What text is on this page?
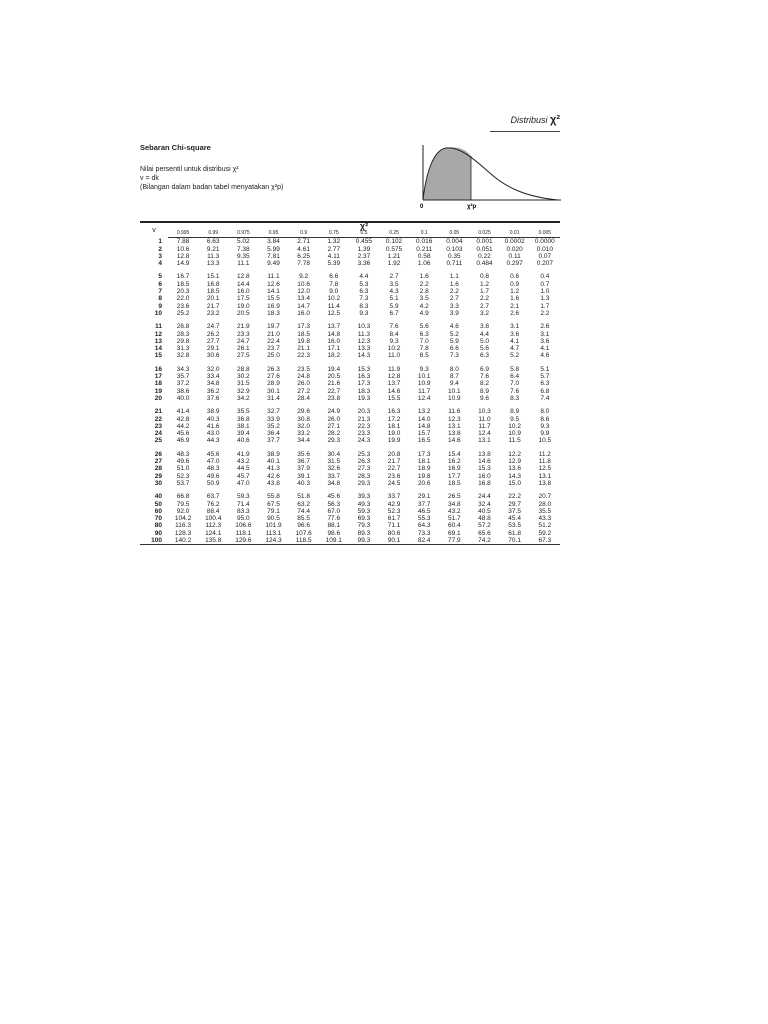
Distribusi χ²
Sebaran Chi-square
Nilai persentil untuk distribusi χ²
v = dk
(Bilangan dalam badan tabel menyatakan χ²p)
0	χ²p
v	χ²												
	0.995	0.99	0.975	0.95	0.9	0.75	0.5	0.25	0.1	0.05	0.025	0.01	0.005
1	7.88	6.63	5.02	3.84	2.71	1.32	0.455	0.102	0.016	0.004	0.001	0.0002	0.0000
2	10.6	9.21	7.38	5.99	4.61	2.77	1.39	0.575	0.211	0.103	0.051	0.020	0.010
3	12.8	11.3	9.35	7.81	6.25	4.11	2.37	1.21	0.58	0.35	0.22	0.11	0.07
4	14.9	13.3	11.1	9.49	7.78	5.39	3.36	1.92	1.06	0.711	0.484	0.297	0.207

5	16.7	15.1	12.8	11.1	9.2	6.6	4.4	2.7	1.6	1.1	0.8	0.6	0.4
6	18.5	16.8	14.4	12.6	10.6	7.8	5.3	3.5	2.2	1.6	1.2	0.9	0.7
7	20.3	18.5	16.0	14.1	12.0	9.0	6.3	4.3	2.8	2.2	1.7	1.2	1.0
8	22.0	20.1	17.5	15.5	13.4	10.2	7.3	5.1	3.5	2.7	2.2	1.6	1.3
9	23.6	21.7	19.0	16.9	14.7	11.4	8.3	5.9	4.2	3.3	2.7	2.1	1.7
10	25.2	23.2	20.5	18.3	16.0	12.5	9.3	6.7	4.9	3.9	3.2	2.6	2.2

11	26.8	24.7	21.9	19.7	17.3	13.7	10.3	7.6	5.6	4.6	3.8	3.1	2.6
12	28.3	26.2	23.3	21.0	18.5	14.8	11.3	8.4	6.3	5.2	4.4	3.6	3.1
13	29.8	27.7	24.7	22.4	19.8	16.0	12.3	9.3	7.0	5.9	5.0	4.1	3.6
14	31.3	29.1	26.1	23.7	21.1	17.1	13.3	10.2	7.8	6.6	5.6	4.7	4.1
15	32.8	30.6	27.5	25.0	22.3	18.2	14.3	11.0	8.5	7.3	6.3	5.2	4.6

16	34.3	32.0	28.8	26.3	23.5	19.4	15.3	11.9	9.3	8.0	6.9	5.8	5.1
17	35.7	33.4	30.2	27.6	24.8	20.5	16.3	12.8	10.1	8.7	7.6	6.4	5.7
18	37.2	34.8	31.5	28.9	26.0	21.6	17.3	13.7	10.9	9.4	8.2	7.0	6.3
19	38.6	36.2	32.9	30.1	27.2	22.7	18.3	14.6	11.7	10.1	8.9	7.6	6.8
20	40.0	37.6	34.2	31.4	28.4	23.8	19.3	15.5	12.4	10.9	9.6	8.3	7.4

21	41.4	38.9	35.5	32.7	29.6	24.9	20.3	16.3	13.2	11.6	10.3	8.9	8.0
22	42.8	40.3	36.8	33.9	30.8	26.0	21.3	17.2	14.0	12.3	11.0	9.5	8.6
23	44.2	41.6	38.1	35.2	32.0	27.1	22.3	18.1	14.8	13.1	11.7	10.2	9.3
24	45.6	43.0	39.4	36.4	33.2	28.2	23.3	19.0	15.7	13.8	12.4	10.9	9.9
25	46.9	44.3	40.6	37.7	34.4	29.3	24.3	19.9	16.5	14.6	13.1	11.5	10.5

26	48.3	45.6	41.9	38.9	35.6	30.4	25.3	20.8	17.3	15.4	13.8	12.2	11.2
27	49.6	47.0	43.2	40.1	36.7	31.5	26.3	21.7	18.1	16.2	14.6	12.9	11.8
28	51.0	48.3	44.5	41.3	37.9	32.6	27.3	22.7	18.9	16.9	15.3	13.6	12.5
29	52.3	49.6	45.7	42.6	39.1	33.7	28.3	23.6	19.8	17.7	16.0	14.3	13.1
30	53.7	50.9	47.0	43.8	40.3	34.8	29.3	24.5	20.6	18.5	16.8	15.0	13.8

40	66.8	63.7	59.3	55.8	51.8	45.6	39.3	33.7	29.1	26.5	24.4	22.2	20.7
50	79.5	76.2	71.4	67.5	63.2	56.3	49.3	42.9	37.7	34.8	32.4	29.7	28.0
60	92.0	88.4	83.3	79.1	74.4	67.0	59.3	52.3	46.5	43.2	40.5	37.5	35.5
70	104.2	100.4	95.0	90.5	85.5	77.6	69.3	61.7	55.3	51.7	48.8	45.4	43.3
80	116.3	112.3	106.6	101.9	96.6	88.1	79.3	71.1	64.3	60.4	57.2	53.5	51.2
90	128.3	124.1	118.1	113.1	107.6	98.6	89.3	80.6	73.3	69.1	65.6	61.8	59.2
100	140.2	135.8	129.6	124.3	118.5	109.1	99.3	90.1	82.4	77.9	74.2	70.1	67.3
